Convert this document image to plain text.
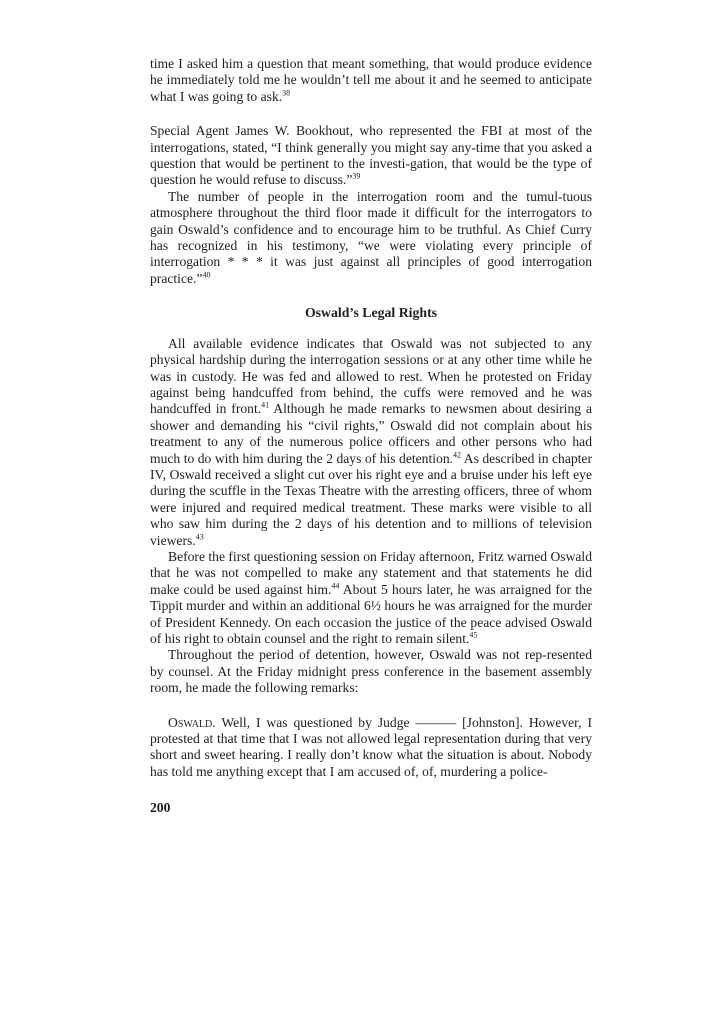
time I asked him a question that meant something, that would produce evidence he immediately told me he wouldn’t tell me about it and he seemed to anticipate what I was going to ask.$^{38}$

Special Agent James W. Bookhout, who represented the FBI at most of the interrogations, stated, “I think generally you might say any-time that you asked a question that would be pertinent to the investi-gation, that would be the type of question he would refuse to discuss.”$^{39}$

The number of people in the interrogation room and the tumul-tuous atmosphere throughout the third floor made it difficult for the interrogators to gain Oswald’s confidence and to encourage him to be truthful. As Chief Curry has recognized in his testimony, “we were violating every principle of interrogation * * * it was just against all principles of good interrogation practice.”$^{40}$

Oswald’s Legal Rights

All available evidence indicates that Oswald was not subjected to any physical hardship during the interrogation sessions or at any other time while he was in custody. He was fed and allowed to rest. When he protested on Friday against being handcuffed from behind, the cuffs were removed and he was handcuffed in front.$^{41}$ Although he made remarks to newsmen about desiring a shower and demanding his “civil rights,” Oswald did not complain about his treatment to any of the numerous police officers and other persons who had much to do with him during the 2 days of his detention.$^{42}$ As described in chapter IV, Oswald received a slight cut over his right eye and a bruise under his left eye during the scuffle in the Texas Theatre with the arresting officers, three of whom were injured and required medical treatment. These marks were visible to all who saw him during the 2 days of his detention and to millions of television viewers.$^{43}$

Before the first questioning session on Friday afternoon, Fritz warned Oswald that he was not compelled to make any statement and that statements he did make could be used against him.$^{44}$ About 5 hours later, he was arraigned for the Tippit murder and within an additional 6½ hours he was arraigned for the murder of President Kennedy. On each occasion the justice of the peace advised Oswald of his right to obtain counsel and the right to remain silent.$^{45}$

Throughout the period of detention, however, Oswald was not rep-resented by counsel. At the Friday midnight press conference in the basement assembly room, he made the following remarks:

Oswald. Well, I was questioned by Judge ——— [Johnston]. However, I protested at that time that I was not allowed legal representation during that very short and sweet hearing. I really don’t know what the situation is about. Nobody has told me anything except that I am accused of, of, murdering a police-

200
